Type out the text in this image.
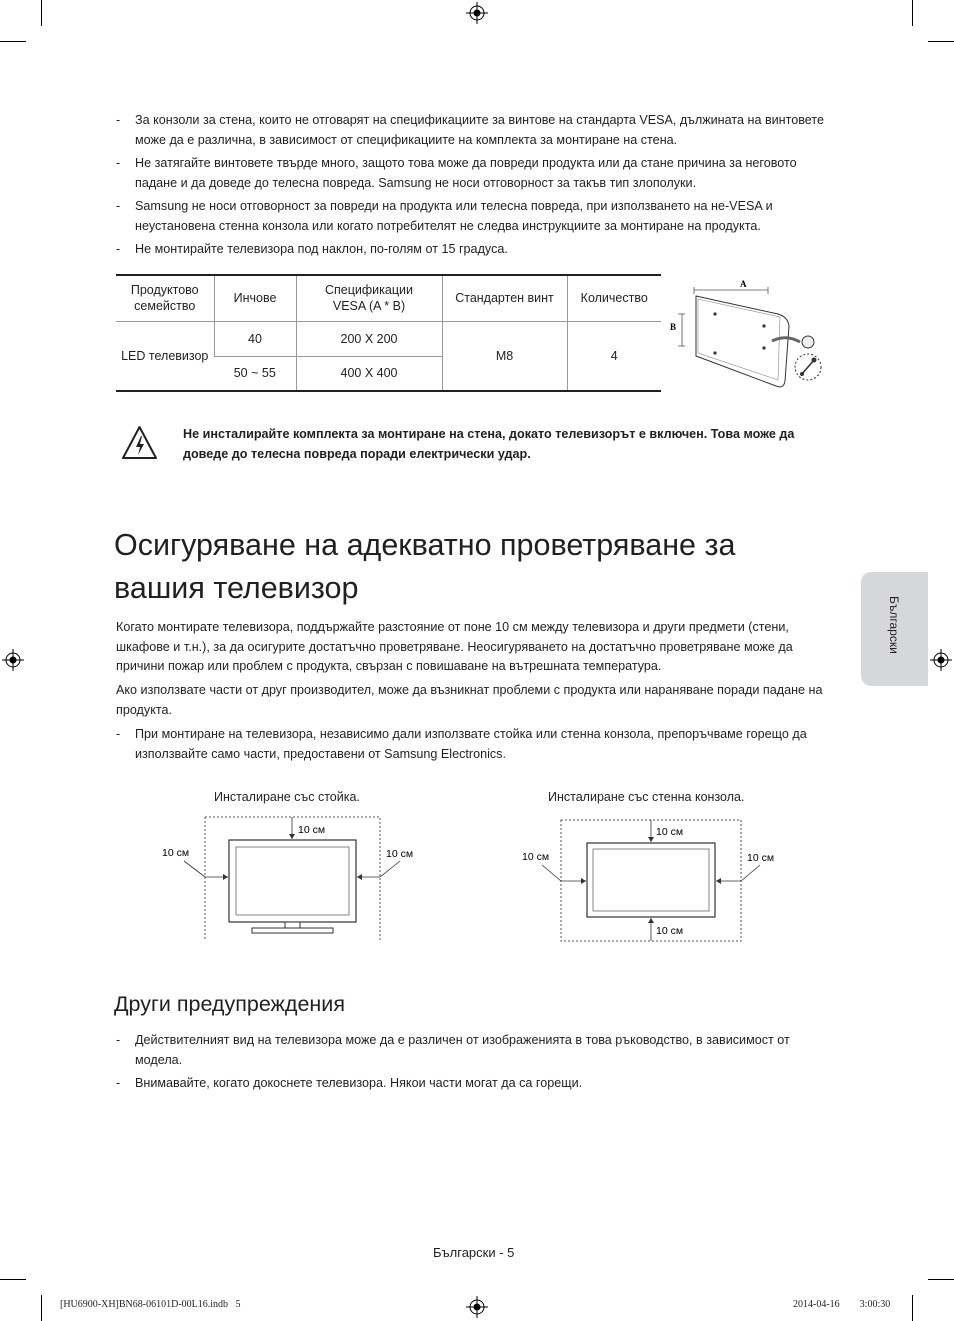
- За конзоли за стена, които не отговарят на спецификациите за винтове на стандарта VESA, дължината на винтовете може да е различна, в зависимост от спецификациите на комплекта за монтиране на стена.
- Не затягайте винтовете твърде много, защото това може да повреди продукта или да стане причина за неговото падане и да доведе до телесна повреда. Samsung не носи отговорност за такъв тип злополуки.
- Samsung не носи отговорност за повреди на продукта или телесна повреда, при използването на не-VESA и неустановена стенна конзола или когато потребителят не следва инструкциите за монтиране на продукта.
- Не монтирайте телевизора под наклон, по-голям от 15 градуса.
Продуктово семейство	Инчове	Спецификации VESA (A * B)	Стандартен винт	Количество
LED телевизор	40	200 X 200	M8	4
	50 ~ 55	400 X 400		
A
B
Не инсталирайте комплекта за монтиране на стена, докато телевизорът е включен. Това може да доведе до телесна повреда поради електрически удар.
Осигуряване на адекватно проветряване за
вашия телевизор
Когато монтирате телевизора, поддържайте разстояние от поне 10 см между телевизора и други предмети (стени, шкафове и т.н.), за да осигурите достатъчно проветряване. Неосигуряването на достатъчно проветряване може да причини пожар или проблем с продукта, свързан с повишаване на вътрешната температура.
Ако използвате части от друг производител, може да възникнат проблеми с продукта или нараняване поради падане на продукта.
- При монтиране на телевизора, независимо дали използвате стойка или стенна конзола, препоръчваме горещо да използвайте само части, предоставени от Samsung Electronics.
Български
Инсталиране със стойка.	Инсталиране със стенна конзола.
10 см
10 см	10 см
10 см
10 см
10 см	10 см
Други предупреждения
- Действителният вид на телевизора може да е различен от изображенията в това ръководство, в зависимост от модела.
- Внимавайте, когато докоснете телевизора. Някои части могат да са горещи.
Български - 5
[HU6900-XH]BN68-06101D-00L16.indb   5	2014-04-16     3:00:30
